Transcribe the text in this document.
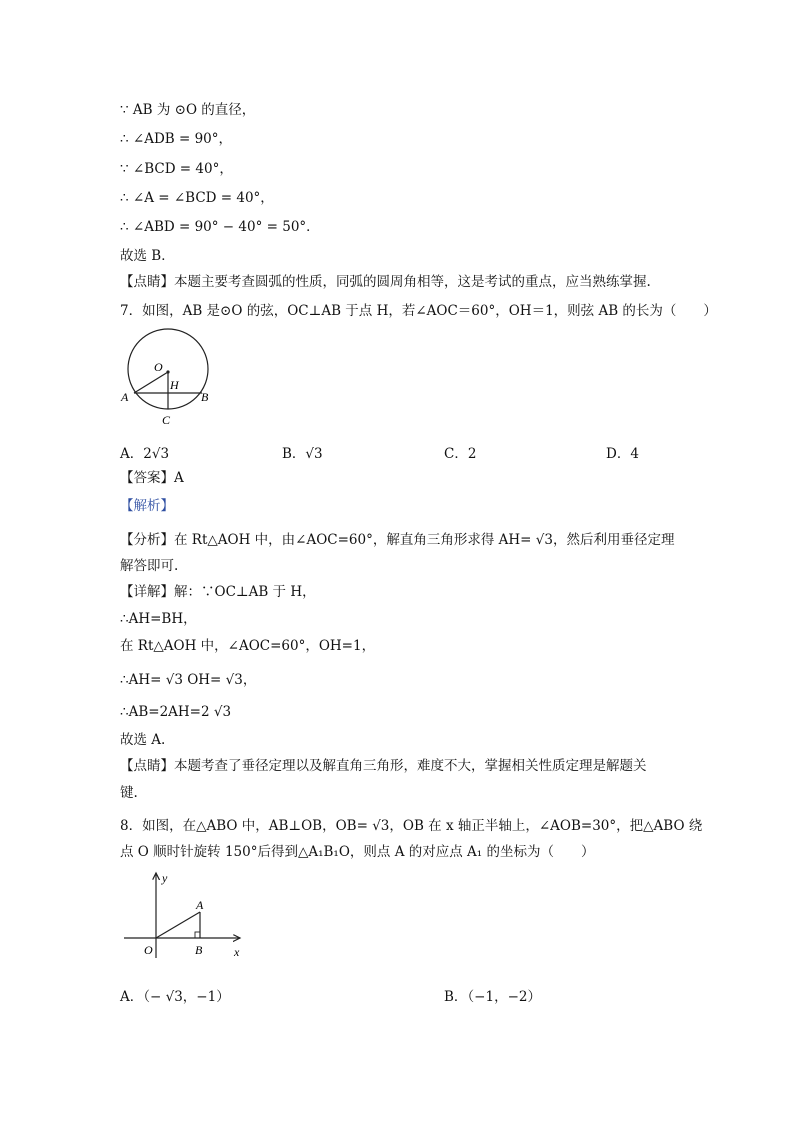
∵ AB 为 ⊙O 的直径，
∴ ∠ADB = 90°，
∵ ∠BCD = 40°，
∴ ∠A = ∠BCD = 40°，
∴ ∠ABD = 90° − 40° = 50°．
故选 B．
【点睛】本题主要考查圆弧的性质，同弧的圆周角相等，这是考试的重点，应当熟练掌握.
7．如图，AB 是⊙O 的弦，OC⊥AB 于点 H，若∠AOC＝60°，OH＝1，则弦 AB 的长为（　　）
O
H
A	B
C
A．2√3	B．√3	C．2	D．4
【答案】A
【解析】
【分析】在 Rt△AOH 中，由∠AOC=60°，解直角三角形求得 AH= √3，然后利用垂径定理
解答即可.
【详解】解：∵OC⊥AB 于 H，
∴AH=BH，
在 Rt△AOH 中，∠AOC=60°，OH=1，
∴AH= √3 OH= √3，
∴AB=2AH=2 √3
故选 A.
【点睛】本题考查了垂径定理以及解直角三角形，难度不大，掌握相关性质定理是解题关
键.
8．如图，在△ABO 中，AB⊥OB，OB= √3，OB 在 x 轴正半轴上，∠AOB=30°，把△ABO 绕
点 O 顺时针旋转 150°后得到△A₁B₁O，则点 A 的对应点 A₁ 的坐标为（　　）
y
A
O	B	x
A．（− √3，−1）	B．（−1，−2）
